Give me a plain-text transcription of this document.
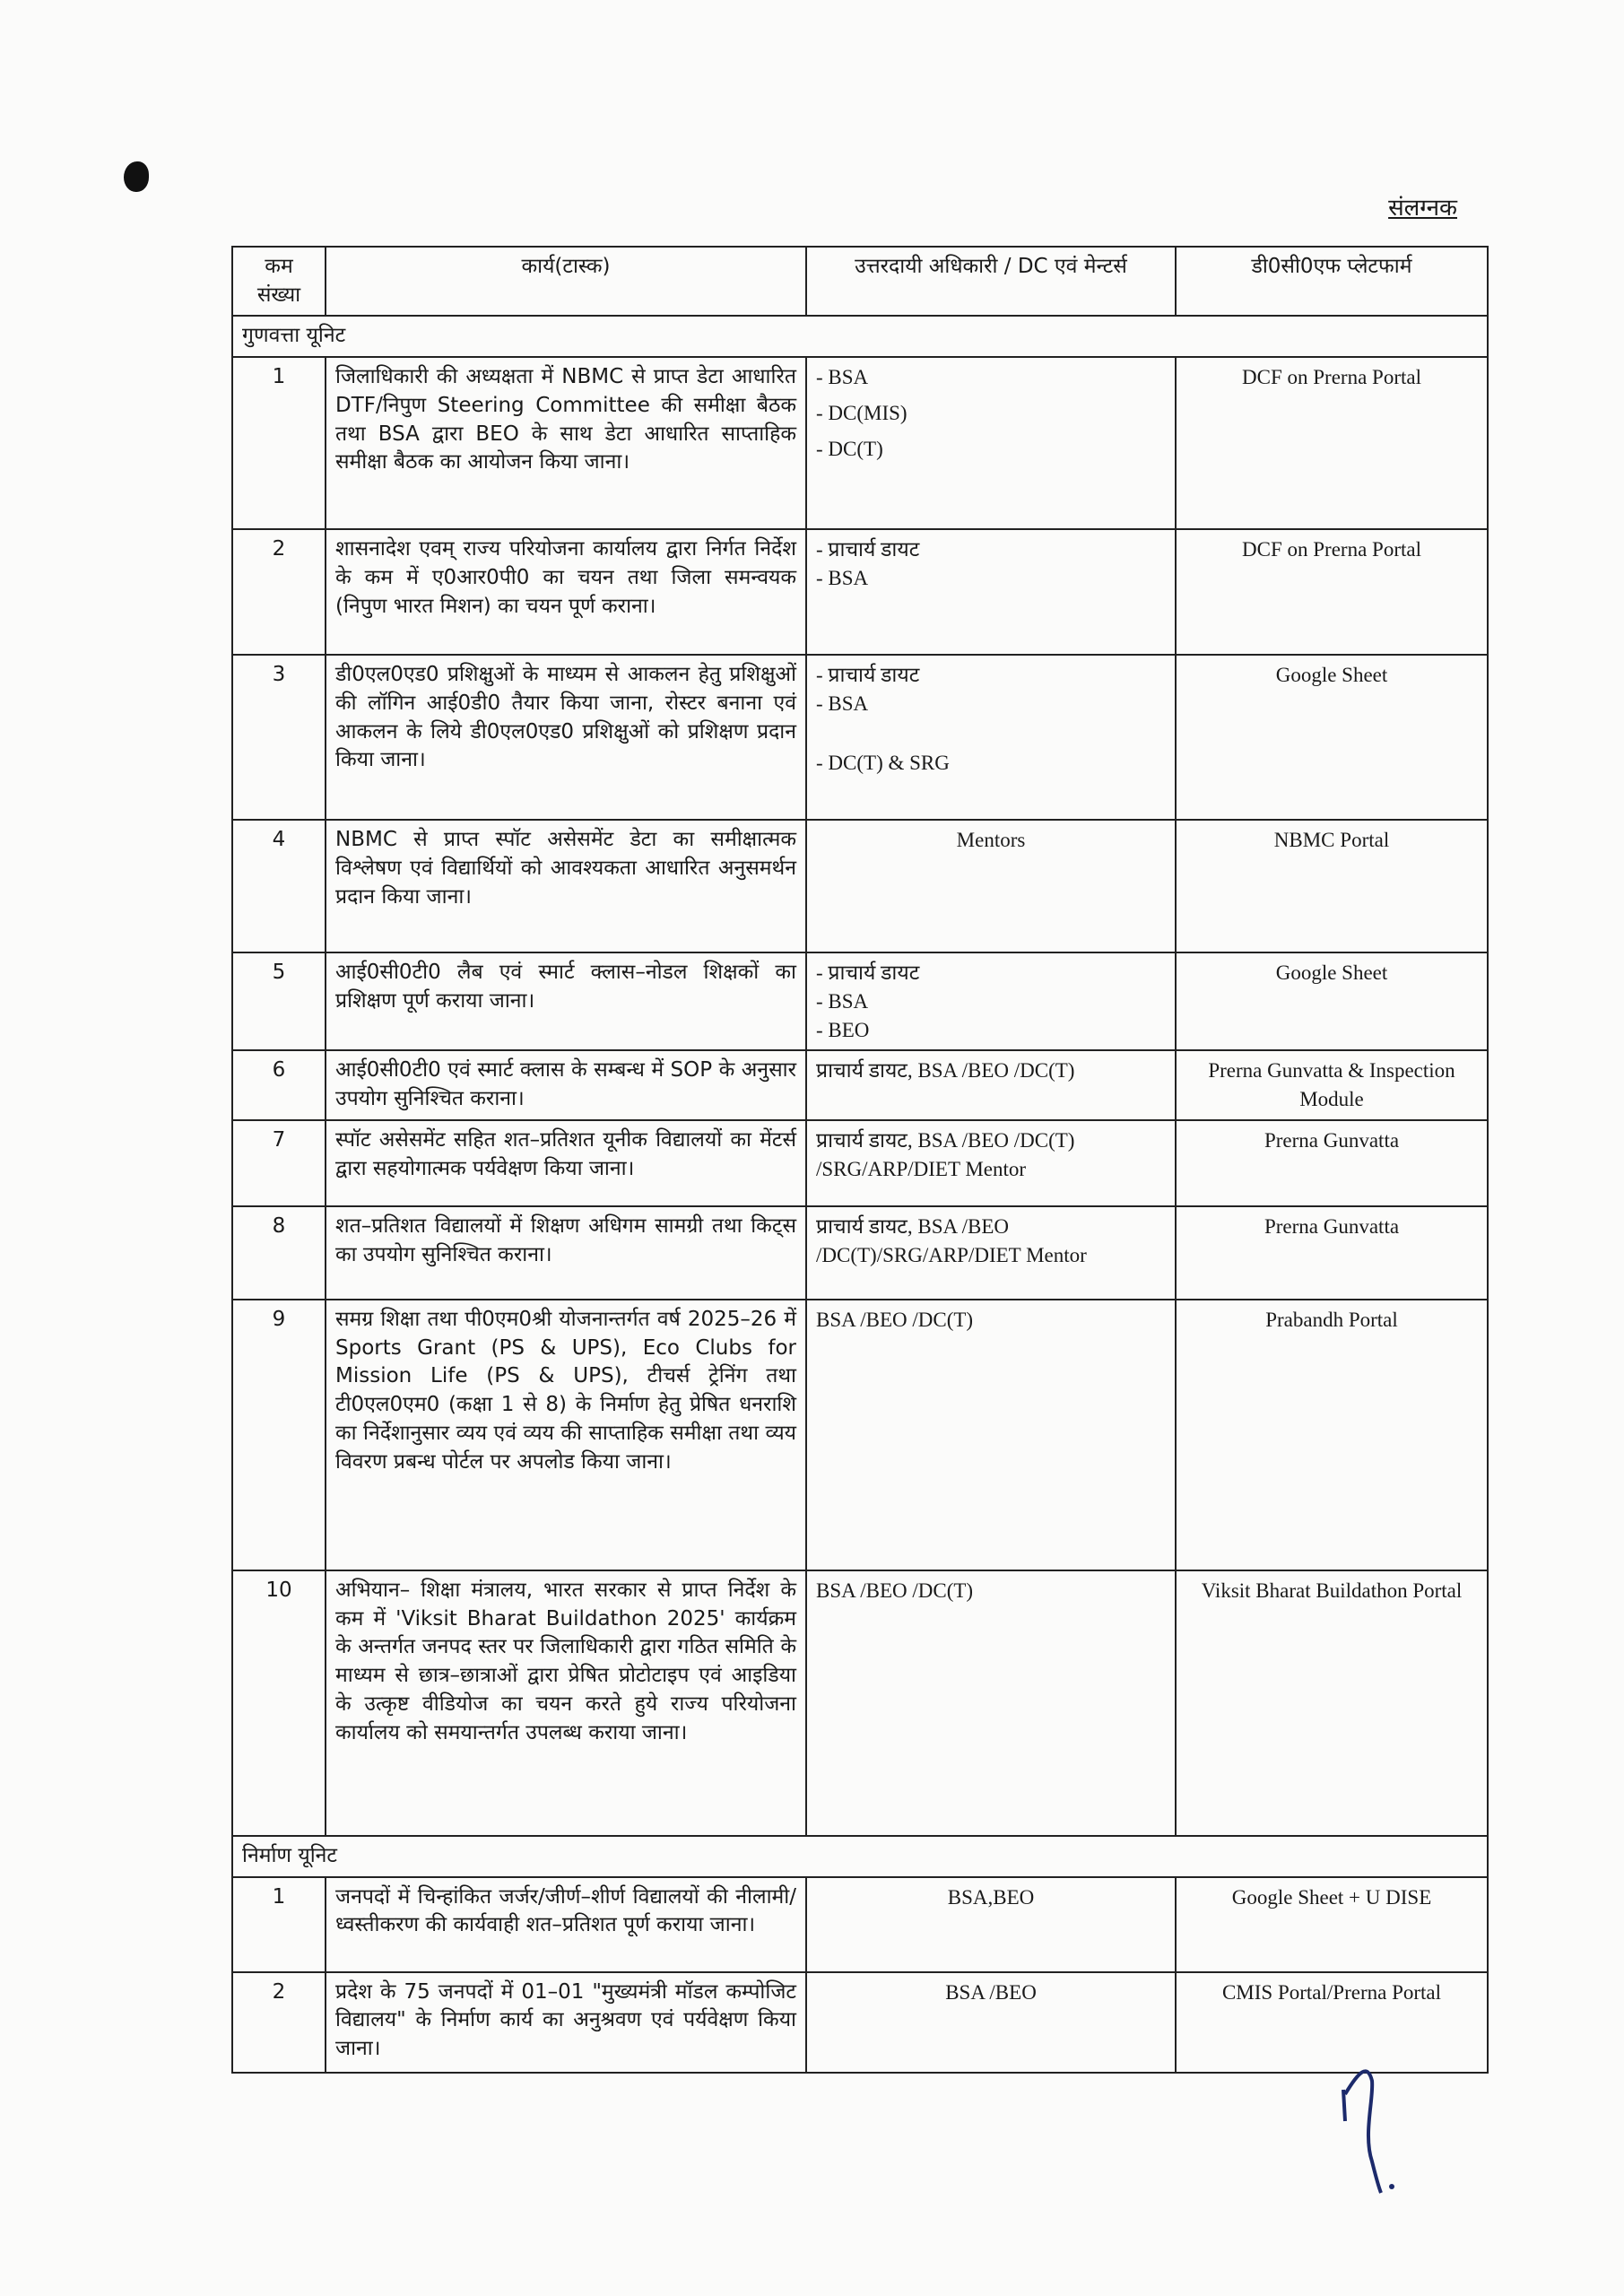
संलग्नक
कम संख्या	कार्य(टास्क)	उत्तरदायी अधिकारी / DC एवं मेन्टर्स	डी0सी0एफ प्लेटफार्म
गुणवत्ता यूनिट			
1	जिलाधिकारी की अध्यक्षता में NBMC से प्राप्त डेटा आधारित DTF/निपुण Steering Committee की समीक्षा बैठक तथा BSA द्वारा BEO के साथ डेटा आधारित साप्ताहिक समीक्षा बैठक का आयोजन किया जाना।	- BSA
- DC(MIS)
- DC(T)	DCF on Prerna Portal
2	शासनादेश एवम् राज्य परियोजना कार्यालय द्वारा निर्गत निर्देश के कम में ए0आर0पी0 का चयन तथा जिला समन्वयक (निपुण भारत मिशन) का चयन पूर्ण कराना।	- प्राचार्य डायट
- BSA	DCF on Prerna Portal
3	डी0एल0एड0 प्रशिक्षुओं के माध्यम से आकलन हेतु प्रशिक्षुओं की लॉगिन आई0डी0 तैयार किया जाना, रोस्टर बनाना एवं आकलन के लिये डी0एल0एड0 प्रशिक्षुओं को प्रशिक्षण प्रदान किया जाना।	- प्राचार्य डायट
- BSA
- DC(T) & SRG	Google Sheet
4	NBMC से प्राप्त स्पॉट असेसमेंट डेटा का समीक्षात्मक विश्लेषण एवं विद्यार्थियों को आवश्यकता आधारित अनुसमर्थन प्रदान किया जाना।	Mentors	NBMC Portal
5	आई0सी0टी0 लैब एवं स्मार्ट क्लास–नोडल शिक्षकों का प्रशिक्षण पूर्ण कराया जाना।	- प्राचार्य डायट
- BSA
- BEO	Google Sheet
6	आई0सी0टी0 एवं स्मार्ट क्लास के सम्बन्ध में SOP के अनुसार उपयोग सुनिश्चित कराना।	प्राचार्य डायट, BSA /BEO /DC(T)	Prerna Gunvatta & Inspection Module
7	स्पॉट असेसमेंट सहित शत–प्रतिशत यूनीक विद्यालयों का मेंटर्स द्वारा सहयोगात्मक पर्यवेक्षण किया जाना।	प्राचार्य डायट, BSA /BEO /DC(T) /SRG/ARP/DIET Mentor	Prerna Gunvatta
8	शत–प्रतिशत विद्यालयों में शिक्षण अधिगम सामग्री तथा किट्स का उपयोग सुनिश्चित कराना।	प्राचार्य डायट, BSA /BEO /DC(T)/SRG/ARP/DIET Mentor	Prerna Gunvatta
9	समग्र शिक्षा तथा पी0एम0श्री योजनान्तर्गत वर्ष 2025–26 में Sports Grant (PS & UPS), Eco Clubs for Mission Life (PS & UPS), टीचर्स ट्रेनिंग तथा टी0एल0एम0 (कक्षा 1 से 8) के निर्माण हेतु प्रेषित धनराशि का निर्देशानुसार व्यय एवं व्यय की साप्ताहिक समीक्षा तथा व्यय विवरण प्रबन्ध पोर्टल पर अपलोड किया जाना।	BSA /BEO /DC(T)	Prabandh Portal
10	अभियान– शिक्षा मंत्रालय, भारत सरकार से प्राप्त निर्देश के कम में 'Viksit Bharat Buildathon 2025' कार्यक्रम के अन्तर्गत जनपद स्तर पर जिलाधिकारी द्वारा गठित समिति के माध्यम से छात्र–छात्राओं द्वारा प्रेषित प्रोटोटाइप एवं आइडिया के उत्कृष्ट वीडियोज का चयन करते हुये राज्य परियोजना कार्यालय को समयान्तर्गत उपलब्ध कराया जाना।	BSA /BEO /DC(T)	Viksit Bharat Buildathon Portal
निर्माण यूनिट			
1	जनपदों में चिन्हांकित जर्जर/जीर्ण–शीर्ण विद्यालयों की नीलामी/ ध्वस्तीकरण की कार्यवाही शत–प्रतिशत पूर्ण कराया जाना।	BSA,BEO	Google Sheet + U DISE
2	प्रदेश के 75 जनपदों में 01–01 "मुख्यमंत्री मॉडल कम्पोजिट विद्यालय" के निर्माण कार्य का अनुश्रवण एवं पर्यवेक्षण किया जाना।	BSA /BEO	CMIS Portal/Prerna Portal
